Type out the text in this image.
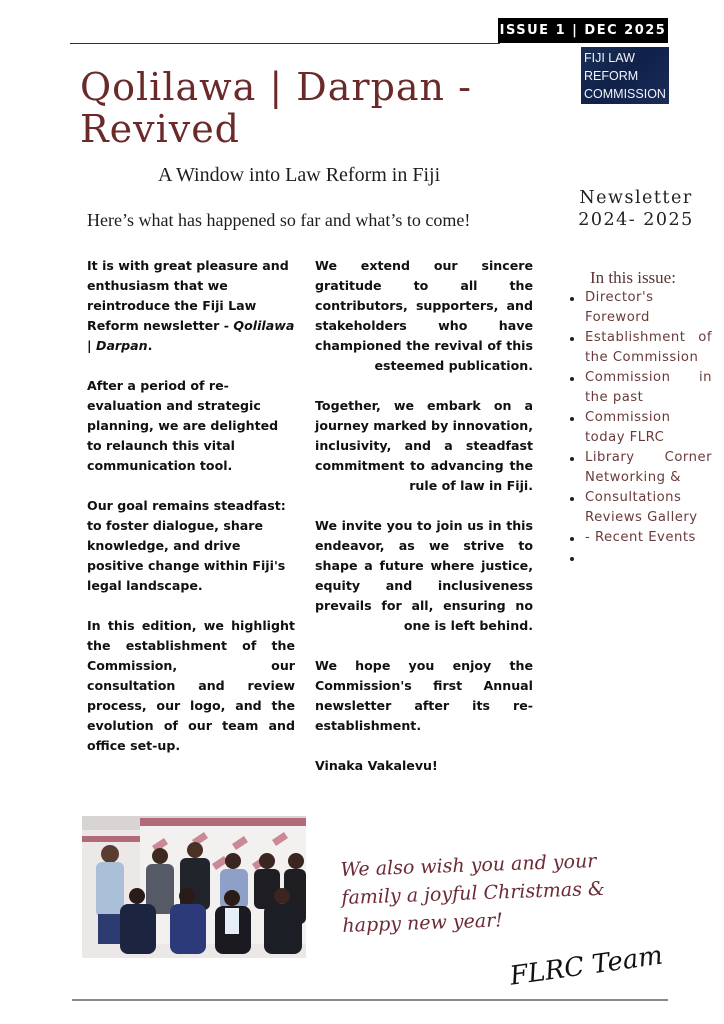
ISSUE 1 | DEC 2025
FIJI LAW
REFORM
COMMISSION
Qolilawa | Darpan -
Revived
A Window into Law Reform in Fiji
Here’s what has happened so far and what’s to come!
Newsletter
2024- 2025
In this issue:
Director's Foreword
Establishment of the Commission
Commission in the past
Commission today FLRC
Library Corner Networking &
Consultations Reviews Gallery
- Recent Events

It is with great pleasure and enthusiasm that we reintroduce the Fiji Law Reform newsletter - Qolilawa | Darpan.

After a period of re-evaluation and strategic planning, we are delighted to relaunch this vital communication tool.

Our goal remains steadfast: to foster dialogue, share knowledge, and drive positive change within Fiji's legal landscape.

In this edition, we highlight the establishment of the Commission, our consultation and review process, our logo, and the evolution of our team and office set-up.

We extend our sincere gratitude to all the contributors, supporters, and stakeholders who have championed the revival of this esteemed publication.

Together, we embark on a journey marked by innovation, inclusivity, and a steadfast commitment to advancing the rule of law in Fiji.

We invite you to join us in this endeavor, as we strive to shape a future where justice, equity and inclusiveness prevails for all, ensuring no one is left behind.

We hope you enjoy the Commission's first Annual newsletter after its re-establishment.

Vinaka Vakalevu!

We also wish you and your family a joyful Christmas & happy new year!
FLRC Team
